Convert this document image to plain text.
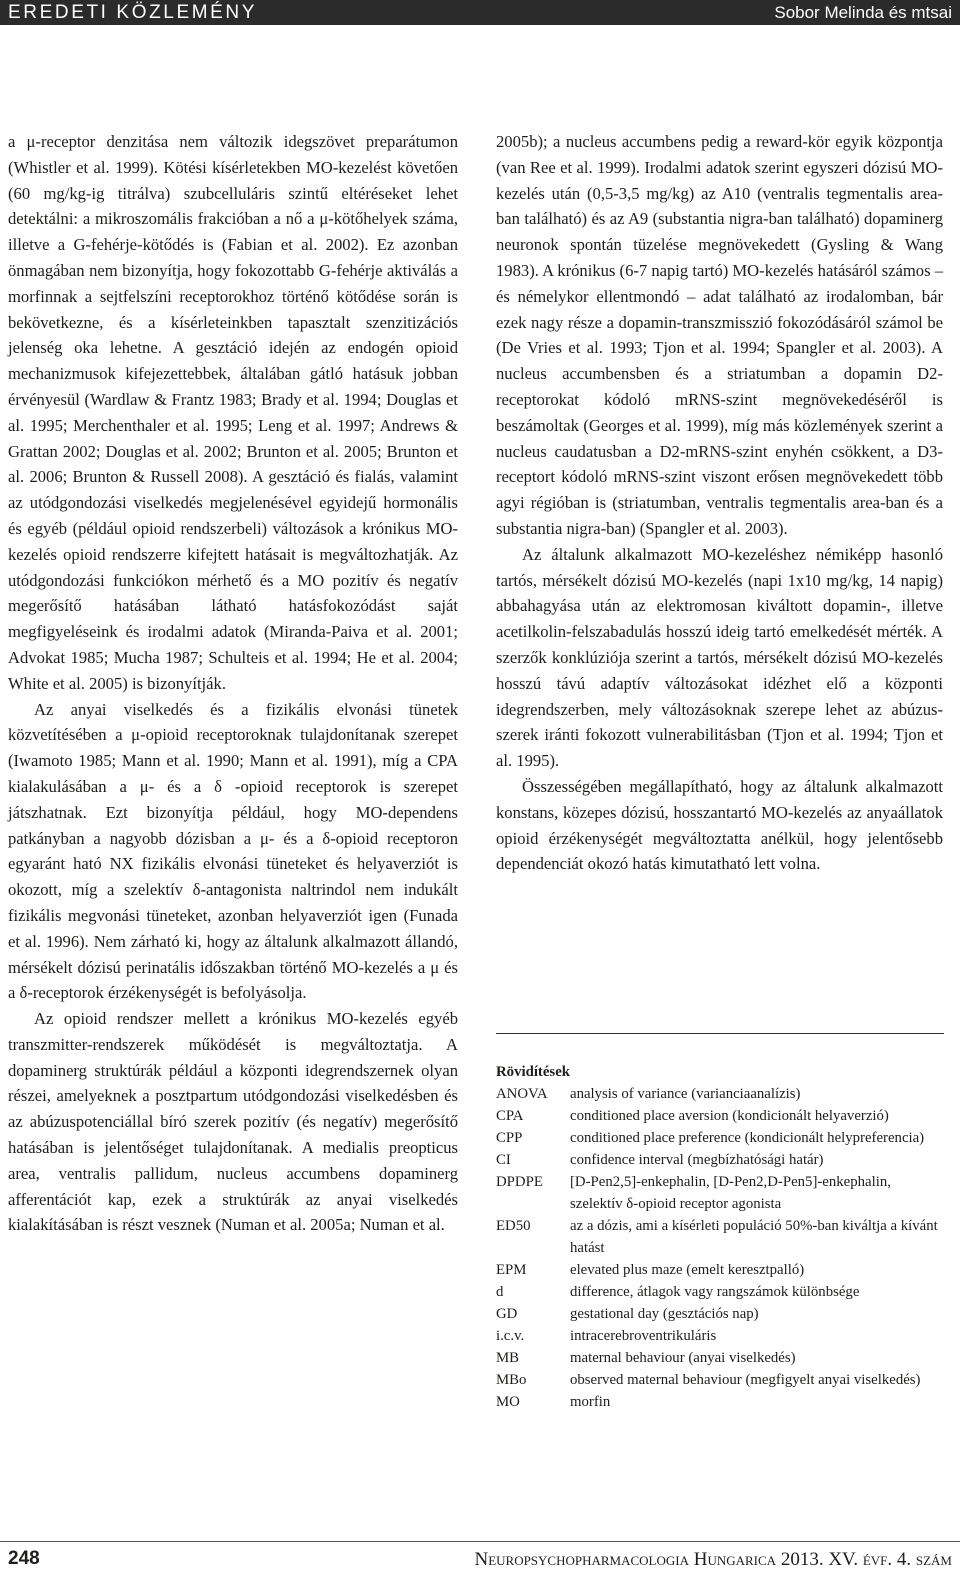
EREDETI KÖZLEMÉNY	Sobor Melinda és mtsai

a μ-receptor denzitása nem változik idegszövet preparátumon (Whistler et al. 1999). Kötési kísérletekben MO-kezelést követően (60 mg/kg-ig titrálva) szubcelluláris szintű eltéréseket lehet detektálni: a mikroszomális frakcióban a nő a μ-kötőhelyek száma, illetve a G-fehérje-kötődés is (Fabian et al. 2002). Ez azonban önmagában nem bizonyítja, hogy fokozottabb G-fehérje aktiválás a morfinnak a sejtfelszíni receptorokhoz történő kötődése során is bekövetkezne, és a kísérleteinkben tapasztalt szenzitizációs jelenség oka lehetne. A gesztáció idején az endogén opioid mechanizmusok kifejezettebbek, általában gátló hatásuk jobban érvényesül (Wardlaw & Frantz 1983; Brady et al. 1994; Douglas et al. 1995; Merchenthaler et al. 1995; Leng et al. 1997; Andrews & Grattan 2002; Douglas et al. 2002; Brunton et al. 2005; Brunton et al. 2006; Brunton & Russell 2008). A gesztáció és fialás, valamint az utódgondozási viselkedés megjelenésével egyidejű hormonális és egyéb (például opioid rendszerbeli) változások a krónikus MO-kezelés opioid rendszerre kifejtett hatásait is megváltozhatják. Az utódgondozási funkciókon mérhető és a MO pozitív és negatív megerősítő hatásában látható hatásfokozódást saját megfigyeléseink és irodalmi adatok (Miranda-Paiva et al. 2001; Advokat 1985; Mucha 1987; Schulteis et al. 1994; He et al. 2004; White et al. 2005) is bizonyítják.

Az anyai viselkedés és a fizikális elvonási tünetek közvetítésében a μ-opioid receptoroknak tulajdonítanak szerepet (Iwamoto 1985; Mann et al. 1990; Mann et al. 1991), míg a CPA kialakulásában a μ- és a δ -opioid receptorok is szerepet játszhatnak. Ezt bizonyítja például, hogy MO-dependens patkányban a nagyobb dózisban a μ- és a δ-opioid receptoron egyaránt ható NX fizikális elvonási tüneteket és helyaverziót is okozott, míg a szelektív δ-antagonista naltrindol nem indukált fizikális megvonási tüneteket, azonban helyaverziót igen (Funada et al. 1996). Nem zárható ki, hogy az általunk alkalmazott állandó, mérsékelt dózisú perinatális időszakban történő MO-kezelés a μ és a δ-receptorok érzékenységét is befolyásolja.

Az opioid rendszer mellett a krónikus MO-kezelés egyéb transzmitter-rendszerek működését is megváltoztatja. A dopaminerg struktúrák például a központi idegrendszernek olyan részei, amelyeknek a posztpartum utódgondozási viselkedésben és az abúzuspotenciállal bíró szerek pozitív (és negatív) megerősítő hatásában is jelentőséget tulajdonítanak. A medialis preopticus area, ventralis pallidum, nucleus accumbens dopaminerg afferentációt kap, ezek a struktúrák az anyai viselkedés kialakításában is részt vesznek (Numan et al. 2005a; Numan et al.

2005b); a nucleus accumbens pedig a reward-kör egyik központja (van Ree et al. 1999). Irodalmi adatok szerint egyszeri dózisú MO-kezelés után (0,5-3,5 mg/kg) az A10 (ventralis tegmentalis area-ban található) és az A9 (substantia nigra-ban található) dopaminerg neuronok spontán tüzelése megnövekedett (Gysling & Wang 1983). A krónikus (6-7 napig tartó) MO-kezelés hatásáról számos – és némelykor ellentmondó – adat található az irodalomban, bár ezek nagy része a dopamin-transzmisszió fokozódásáról számol be (De Vries et al. 1993; Tjon et al. 1994; Spangler et al. 2003). A nucleus accumbensben és a striatumban a dopamin D2-receptorokat kódoló mRNS-szint megnövekedéséről is beszámoltak (Georges et al. 1999), míg más közlemények szerint a nucleus caudatusban a D2-mRNS-szint enyhén csökkent, a D3-receptort kódoló mRNS-szint viszont erősen megnövekedett több agyi régióban is (striatumban, ventralis tegmentalis area-ban és a substantia nigra-ban) (Spangler et al. 2003).

Az általunk alkalmazott MO-kezeléshez némiképp hasonló tartós, mérsékelt dózisú MO-kezelés (napi 1x10 mg/kg, 14 napig) abbahagyása után az elektromosan kiváltott dopamin-, illetve acetilkolin-felszabadulás hosszú ideig tartó emelkedését mérték. A szerzők konklúziója szerint a tartós, mérsékelt dózisú MO-kezelés hosszú távú adaptív változásokat idézhet elő a központi idegrendszerben, mely változásoknak szerepe lehet az abúzus-szerek iránti fokozott vulnerabilitásban (Tjon et al. 1994; Tjon et al. 1995).

Összességében megállapítható, hogy az általunk alkalmazott konstans, közepes dózisú, hosszantartó MO-kezelés az anyaállatok opioid érzékenységét megváltoztatta anélkül, hogy jelentősebb dependenciát okozó hatás kimutatható lett volna.

Rövidítések
ANOVA	analysis of variance (varianciaanalízis)
CPA	conditioned place aversion (kondicionált helyaverzió)
CPP	conditioned place preference (kondicionált helypreferencia)
CI	confidence interval (megbízhatósági határ)
DPDPE	[D-Pen2,5]-enkephalin, [D-Pen2,D-Pen5]-enkephalin, szelektív δ-opioid receptor agonista
ED50	az a dózis, ami a kísérleti populáció 50%-ban kiváltja a kívánt hatást
EPM	elevated plus maze (emelt keresztpalló)
d	difference, átlagok vagy rangszámok különbsége
GD	gestational day (gesztációs nap)
i.c.v.	intracerebroventrikuláris
MB	maternal behaviour (anyai viselkedés)
MBo	observed maternal behaviour (megfigyelt anyai viselkedés)
MO	morfin
248	Neuropsychopharmacologia Hungarica 2013. XV. évf. 4. szám
